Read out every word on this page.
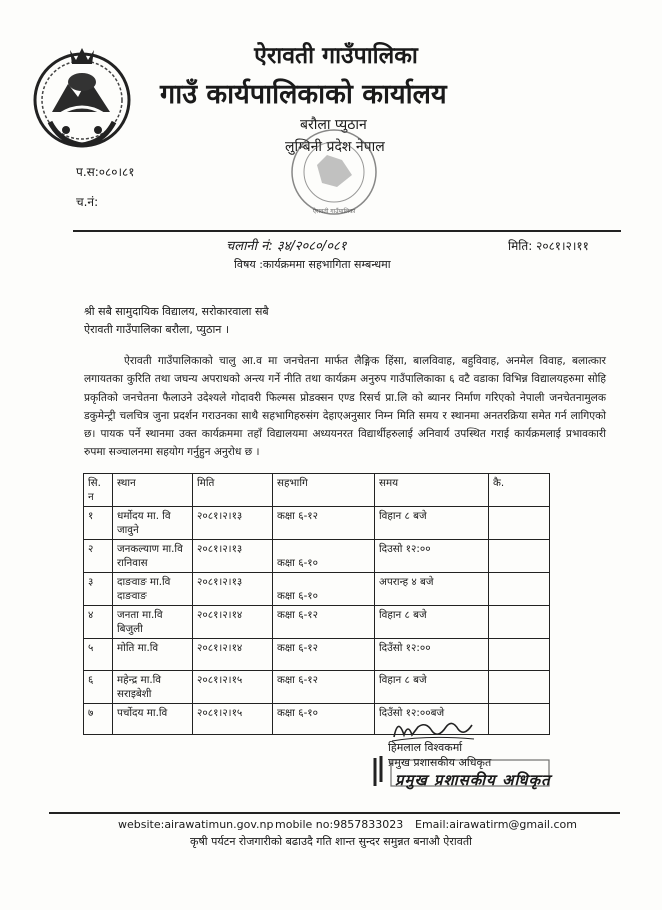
ऐरावती गाउँपालिका
गाउँ कार्यपालिकाको कार्यालय
बरौला प्युठान
लुम्बिनी प्रदेश नेपाल
ऐरावती गाउँपालिका
प.स:०८०।८१
च.नं:
चलानी नं: ३४/२०८०/०८१	मिति: २०८१।२।११
विषय :कार्यक्रममा सहभागिता सम्बन्धमा
श्री सबै सामुदायिक विद्यालय, सरोकारवाला सबै
ऐरावती गाउँपालिका बरौला, प्युठान ।
ऐरावती गाउँपालिकाको चालु आ.व मा जनचेतना मार्फत लैङ्गिक हिंसा, बालविवाह, बहुविवाह, अनमेल विवाह, बलात्कार लगायतका कुरिति तथा जघन्य अपराधको अन्त्य गर्ने नीति तथा कार्यक्रम अनुरुप गाउँपालिकाका ६ वटै वडाका विभिन्न विद्यालयहरुमा सोहि प्रकृतिको जनचेतना फैलाउने उदेश्यले गोदावरी फिल्मस प्रोडक्सन एण्ड रिसर्च प्रा.लि को ब्यानर निर्माण गरिएको नेपाली जनचेतनामुलक डकुमेन्ट्री चलचित्र जुना प्रदर्शन गराउनका साथै सहभागिहरुसंग देहाएअनुसार निम्न मिति समय र स्थानमा अनतरक्रिया समेत गर्न लागिएको छ। पायक पर्ने स्थानमा उक्त कार्यक्रममा तहाँ विद्यालयमा अध्ययनरत विद्यार्थीहरुलाई अनिवार्य उपस्थित गराई कार्यक्रमलाई प्रभावकारी रुपमा सञ्चालनमा सहयोग गर्नुहुन अनुरोध छ ।
सि. न	स्थान	मिति	सहभागि	समय	कै.
१	धर्मोदय मा. वि
जावुने	२०८१।२।१३	कक्षा ६-१२	विहान ८ बजे	
२	जनकल्याण मा.वि
रानिवास	२०८१।२।१३	कक्षा ६-१०	दिउसो १२:००	
३	दाङवाङ मा.वि
दाङवाङ	२०८१।२।१३	कक्षा ६-१०	अपरान्ह ४ बजे	
४	जनता मा.वि
बिजुली	२०८१।२।१४	कक्षा ६-१२	विहान ८ बजे	
५	मोति मा.वि	२०८१।२।१४	कक्षा ६-१२	दिउँसो १२:००	
६	महेन्द्र मा.वि
सराइबेशी	२०८१।२।१५	कक्षा ६-१२	विहान ८ बजे	
७	पर्चोदय मा.वि	२०८१।२।१५	कक्षा ६-१०	दिउँसो १२:००बजे	
हिमलाल विश्वकर्मा
प्रमुख प्रशासकीय अधिकृत
प्रमुख प्रशासकीय अधिकृत
website:airawatimun.gov.np mobile no:9857833023 Email:airawatirm@gmail.com
कृषी पर्यटन रोजगारीको बढाउदै गति शान्त सुन्दर समुन्नत बनाऔ ऐरावती
